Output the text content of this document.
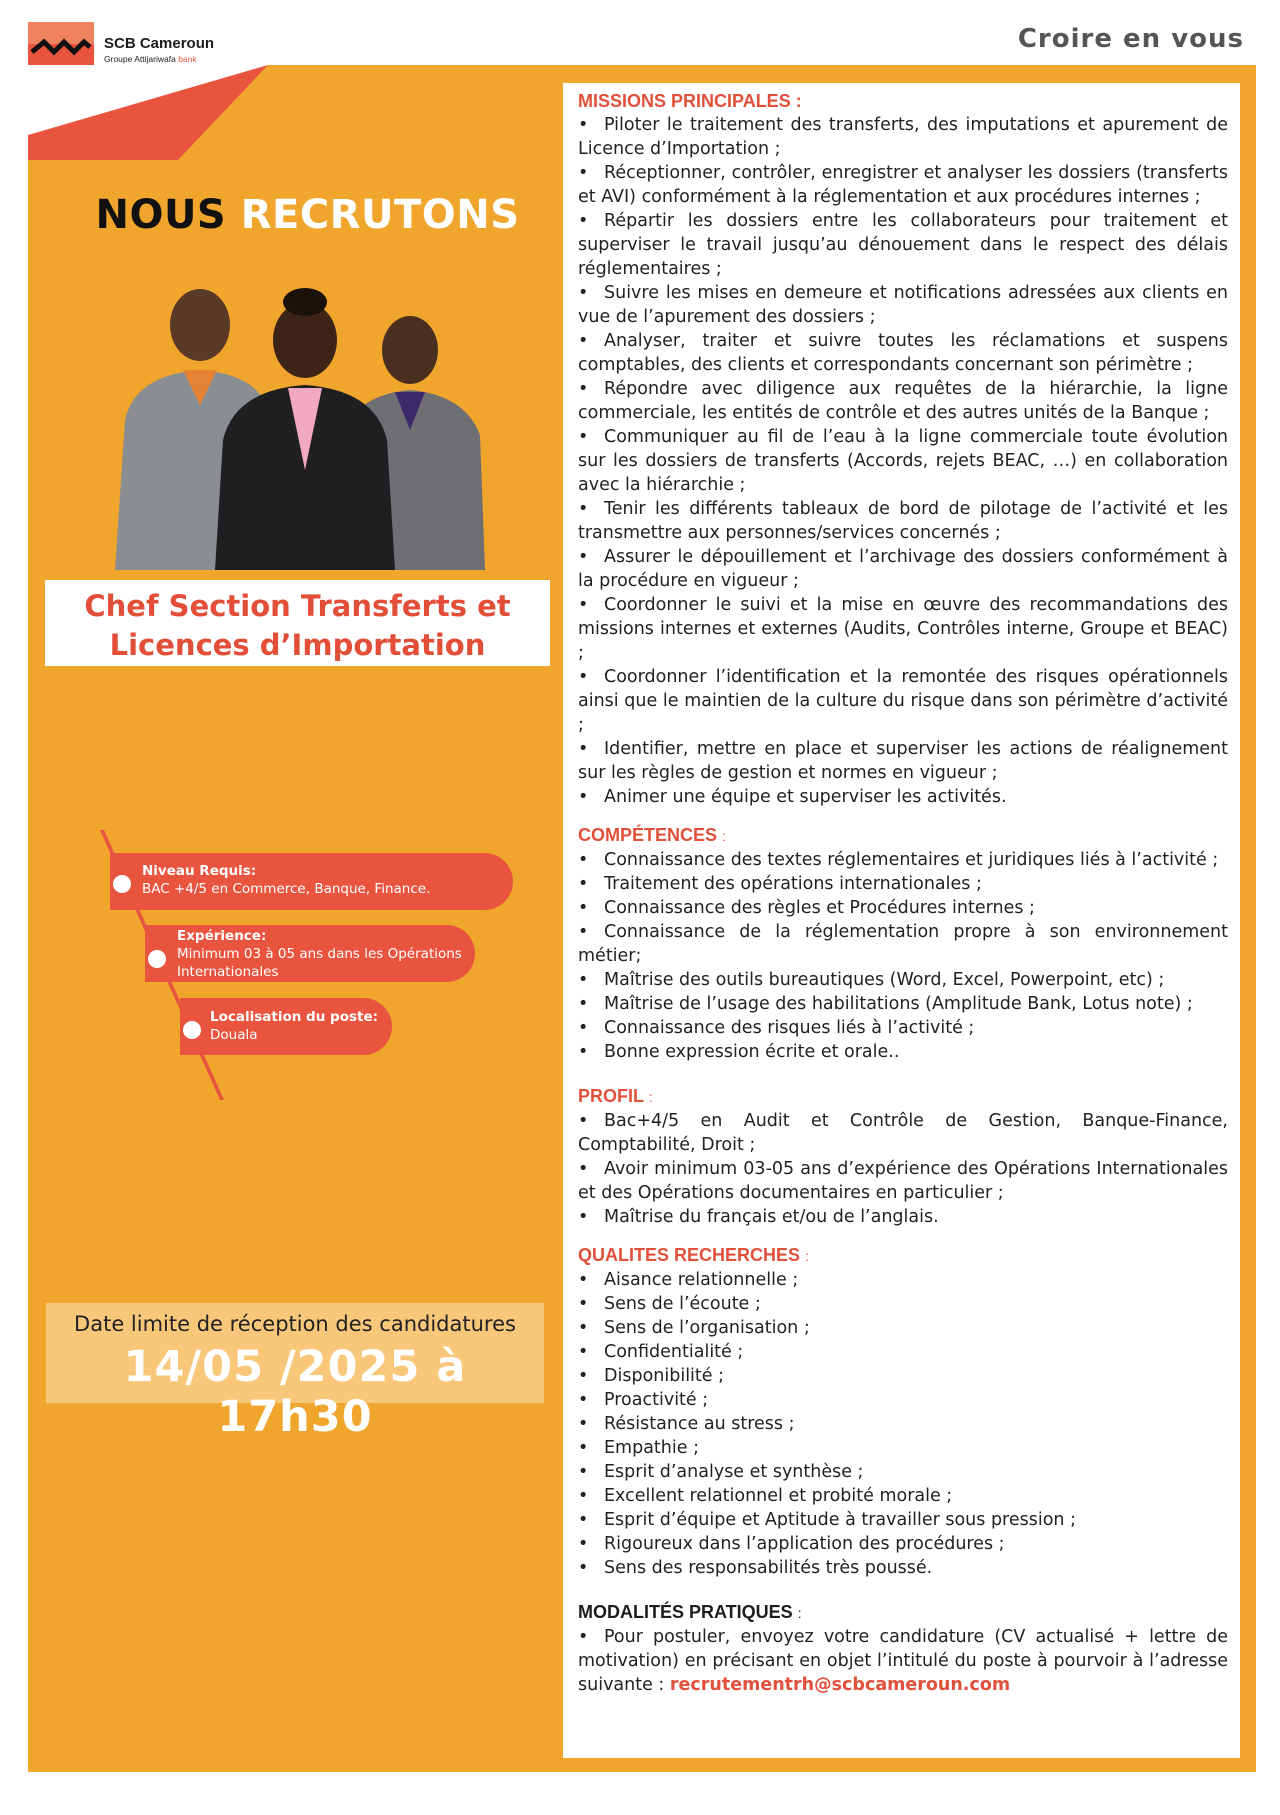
SCB Cameroun
Groupe Attijariwafa bank
Croire en vous
NOUS RECRUTONS
Chef Section Transferts et
Licences d’Importation
Niveau Requis:
BAC +4/5 en Commerce, Banque, Finance.
Expérience:
Minimum 03 à 05 ans dans les Opérations Internationales
Localisation du poste:
Douala
Date limite de réception des candidatures
14/05 /2025 à 17h30
MISSIONS PRINCIPALES :
• Piloter le traitement des transferts, des imputations et apurement de Licence d’Importation ;
• Réceptionner, contrôler, enregistrer et analyser les dossiers (transferts et AVI) conformément à la réglementation et aux procédures internes ;
• Répartir les dossiers entre les collaborateurs pour traitement et superviser le travail jusqu’au dénouement dans le respect des délais réglementaires ;
• Suivre les mises en demeure et notifications adressées aux clients en vue de l’apurement des dossiers ;
• Analyser, traiter et suivre toutes les réclamations et suspens comptables, des clients et correspondants concernant son périmètre ;
• Répondre avec diligence aux requêtes de la hiérarchie, la ligne commerciale, les entités de contrôle et des autres unités de la Banque ;
• Communiquer au fil de l’eau à la ligne commerciale toute évolution sur les dossiers de transferts (Accords, rejets BEAC, …) en collaboration avec la hiérarchie ;
• Tenir les différents tableaux de bord de pilotage de l’activité et les transmettre aux personnes/services concernés ;
• Assurer le dépouillement et l’archivage des dossiers conformément à la procédure en vigueur ;
• Coordonner le suivi et la mise en œuvre des recommandations des missions internes et externes (Audits, Contrôles interne, Groupe et BEAC) ;
• Coordonner l’identification et la remontée des risques opérationnels ainsi que le maintien de la culture du risque dans son périmètre d’activité ;
• Identifier, mettre en place et superviser les actions de réalignement sur les règles de gestion et normes en vigueur ;
• Animer une équipe et superviser les activités.
COMPÉTENCES :
• Connaissance des textes réglementaires et juridiques liés à l’activité ;
• Traitement des opérations internationales ;
• Connaissance des règles et Procédures internes ;
• Connaissance de la réglementation propre à son environnement métier;
• Maîtrise des outils bureautiques (Word, Excel, Powerpoint, etc) ;
• Maîtrise de l’usage des habilitations (Amplitude Bank, Lotus note) ;
• Connaissance des risques liés à l’activité ;
• Bonne expression écrite et orale..
PROFIL :
• Bac+4/5 en Audit et Contrôle de Gestion, Banque-Finance, Comptabilité, Droit ;
• Avoir minimum 03-05 ans d’expérience des Opérations Internationales et des Opérations documentaires en particulier ;
• Maîtrise du français et/ou de l’anglais.
QUALITES RECHERCHES :
• Aisance relationnelle ;
• Sens de l’écoute ;
• Sens de l’organisation ;
• Confidentialité ;
• Disponibilité ;
• Proactivité ;
• Résistance au stress ;
• Empathie ;
• Esprit d’analyse et synthèse ;
• Excellent relationnel et probité morale ;
• Esprit d’équipe et Aptitude à travailler sous pression ;
• Rigoureux dans l’application des procédures ;
• Sens des responsabilités très poussé.
MODALITÉS PRATIQUES :
• Pour postuler, envoyez votre candidature (CV actualisé + lettre de motivation) en précisant en objet l’intitulé du poste à pourvoir à l’adresse suivante : recrutementrh@scbcameroun.com
